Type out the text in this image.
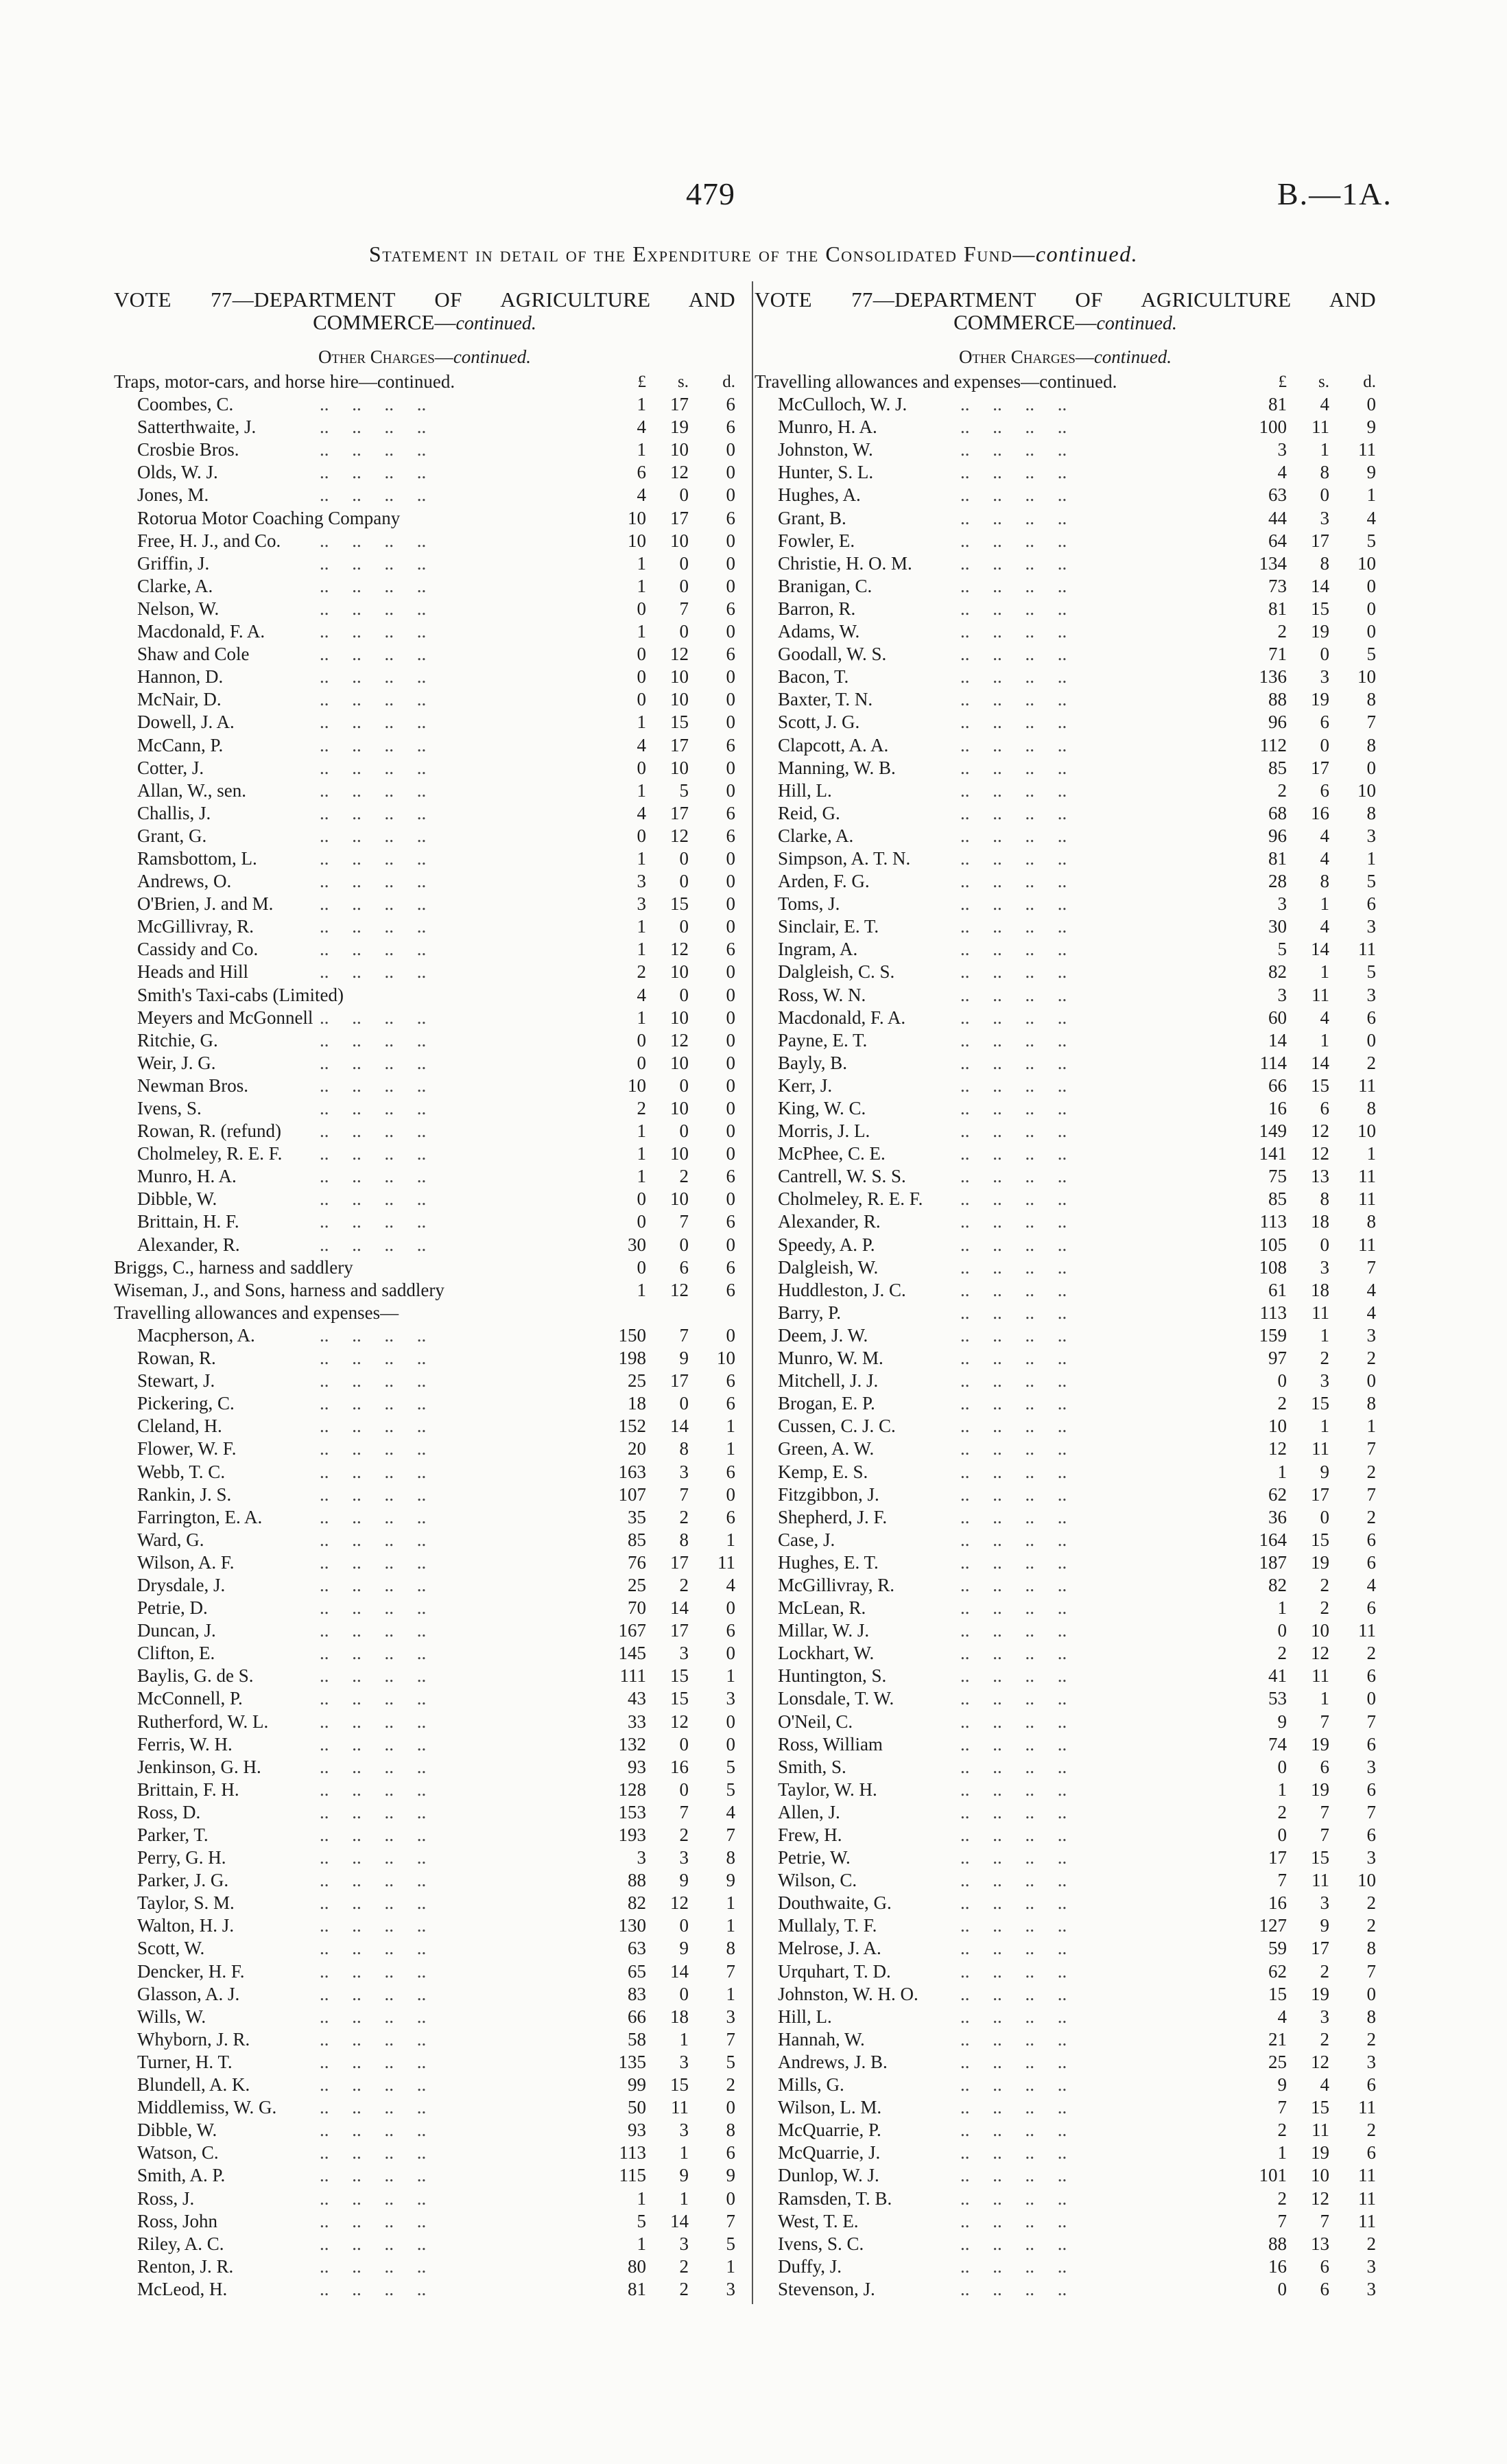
479	B.—1A.
Statement in detail of the Expenditure of the Consolidated Fund—continued.
VOTE 77—DEPARTMENT OF AGRICULTURE AND
COMMERCE—continued.
Other Charges—continued.
Traps, motor-cars, and horse hire—continued.	£	s.	d.
Coombes, C.	1	17	6
..     ..     ..     ..
Satterthwaite, J.	4	19	6
..     ..     ..     ..
Crosbie Bros.	1	10	0
..     ..     ..     ..
Olds, W. J.	6	12	0
..     ..     ..     ..
Jones, M.	4	0	0
..     ..     ..     ..
Rotorua Motor Coaching Company	10	17	6
Free, H. J., and Co.	10	10	0
..     ..     ..     ..
Griffin, J.	1	0	0
..     ..     ..     ..
Clarke, A.	1	0	0
..     ..     ..     ..
Nelson, W.	0	7	6
..     ..     ..     ..
Macdonald, F. A.	1	0	0
..     ..     ..     ..
Shaw and Cole	0	12	6
..     ..     ..     ..
Hannon, D.	0	10	0
..     ..     ..     ..
McNair, D.	0	10	0
..     ..     ..     ..
Dowell, J. A.	1	15	0
..     ..     ..     ..
McCann, P.	4	17	6
..     ..     ..     ..
Cotter, J.	0	10	0
..     ..     ..     ..
Allan, W., sen.	1	5	0
..     ..     ..     ..
Challis, J.	4	17	6
..     ..     ..     ..
Grant, G.	0	12	6
..     ..     ..     ..
Ramsbottom, L.	1	0	0
..     ..     ..     ..
Andrews, O.	3	0	0
..     ..     ..     ..
O'Brien, J. and M.	3	15	0
..     ..     ..     ..
McGillivray, R.	1	0	0
..     ..     ..     ..
Cassidy and Co.	1	12	6
..     ..     ..     ..
Heads and Hill	2	10	0
..     ..     ..     ..
Smith's Taxi-cabs (Limited)	4	0	0
Meyers and McGonnell	1	10	0
..     ..     ..     ..
Ritchie, G.	0	12	0
..     ..     ..     ..
Weir, J. G.	0	10	0
..     ..     ..     ..
Newman Bros.	10	0	0
..     ..     ..     ..
Ivens, S.	2	10	0
..     ..     ..     ..
Rowan, R. (refund)	1	0	0
..     ..     ..     ..
Cholmeley, R. E. F.	1	10	0
..     ..     ..     ..
Munro, H. A.	1	2	6
..     ..     ..     ..
Dibble, W.	0	10	0
..     ..     ..     ..
Brittain, H. F.	0	7	6
..     ..     ..     ..
Alexander, R.	30	0	0
..     ..     ..     ..
Briggs, C., harness and saddlery	0	6	6
Wiseman, J., and Sons, harness and saddlery	1	12	6
Travelling allowances and expenses—
Macpherson, A.	150	7	0
..     ..     ..     ..
Rowan, R.	198	9	10
..     ..     ..     ..
Stewart, J.	25	17	6
..     ..     ..     ..
Pickering, C.	18	0	6
..     ..     ..     ..
Cleland, H.	152	14	1
..     ..     ..     ..
Flower, W. F.	20	8	1
..     ..     ..     ..
Webb, T. C.	163	3	6
..     ..     ..     ..
Rankin, J. S.	107	7	0
..     ..     ..     ..
Farrington, E. A.	35	2	6
..     ..     ..     ..
Ward, G.	85	8	1
..     ..     ..     ..
Wilson, A. F.	76	17	11
..     ..     ..     ..
Drysdale, J.	25	2	4
..     ..     ..     ..
Petrie, D.	70	14	0
..     ..     ..     ..
Duncan, J.	167	17	6
..     ..     ..     ..
Clifton, E.	145	3	0
..     ..     ..     ..
Baylis, G. de S.	111	15	1
..     ..     ..     ..
McConnell, P.	43	15	3
..     ..     ..     ..
Rutherford, W. L.	33	12	0
..     ..     ..     ..
Ferris, W. H.	132	0	0
..     ..     ..     ..
Jenkinson, G. H.	93	16	5
..     ..     ..     ..
Brittain, F. H.	128	0	5
..     ..     ..     ..
Ross, D.	153	7	4
..     ..     ..     ..
Parker, T.	193	2	7
..     ..     ..     ..
Perry, G. H.	3	3	8
..     ..     ..     ..
Parker, J. G.	88	9	9
..     ..     ..     ..
Taylor, S. M.	82	12	1
..     ..     ..     ..
Walton, H. J.	130	0	1
..     ..     ..     ..
Scott, W.	63	9	8
..     ..     ..     ..
Dencker, H. F.	65	14	7
..     ..     ..     ..
Glasson, A. J.	83	0	1
..     ..     ..     ..
Wills, W.	66	18	3
..     ..     ..     ..
Whyborn, J. R.	58	1	7
..     ..     ..     ..
Turner, H. T.	135	3	5
..     ..     ..     ..
Blundell, A. K.	99	15	2
..     ..     ..     ..
Middlemiss, W. G.	50	11	0
..     ..     ..     ..
Dibble, W.	93	3	8
..     ..     ..     ..
Watson, C.	113	1	6
..     ..     ..     ..
Smith, A. P.	115	9	9
..     ..     ..     ..
Ross, J.	1	1	0
..     ..     ..     ..
Ross, John	5	14	7
..     ..     ..     ..
Riley, A. C.	1	3	5
..     ..     ..     ..
Renton, J. R.	80	2	1
..     ..     ..     ..
McLeod, H.	81	2	3
..     ..     ..     ..
VOTE 77—DEPARTMENT OF AGRICULTURE AND
COMMERCE—continued.
Other Charges—continued.
Travelling allowances and expenses—continued.	£	s.	d.
McCulloch, W. J.	81	4	0
..     ..     ..     ..
Munro, H. A.	100	11	9
..     ..     ..     ..
Johnston, W.	3	1	11
..     ..     ..     ..
Hunter, S. L.	4	8	9
..     ..     ..     ..
Hughes, A.	63	0	1
..     ..     ..     ..
Grant, B.	44	3	4
..     ..     ..     ..
Fowler, E.	64	17	5
..     ..     ..     ..
Christie, H. O. M.	134	8	10
..     ..     ..     ..
Branigan, C.	73	14	0
..     ..     ..     ..
Barron, R.	81	15	0
..     ..     ..     ..
Adams, W.	2	19	0
..     ..     ..     ..
Goodall, W. S.	71	0	5
..     ..     ..     ..
Bacon, T.	136	3	10
..     ..     ..     ..
Baxter, T. N.	88	19	8
..     ..     ..     ..
Scott, J. G.	96	6	7
..     ..     ..     ..
Clapcott, A. A.	112	0	8
..     ..     ..     ..
Manning, W. B.	85	17	0
..     ..     ..     ..
Hill, L.	2	6	10
..     ..     ..     ..
Reid, G.	68	16	8
..     ..     ..     ..
Clarke, A.	96	4	3
..     ..     ..     ..
Simpson, A. T. N.	81	4	1
..     ..     ..     ..
Arden, F. G.	28	8	5
..     ..     ..     ..
Toms, J.	3	1	6
..     ..     ..     ..
Sinclair, E. T.	30	4	3
..     ..     ..     ..
Ingram, A.	5	14	11
..     ..     ..     ..
Dalgleish, C. S.	82	1	5
..     ..     ..     ..
Ross, W. N.	3	11	3
..     ..     ..     ..
Macdonald, F. A.	60	4	6
..     ..     ..     ..
Payne, E. T.	14	1	0
..     ..     ..     ..
Bayly, B.	114	14	2
..     ..     ..     ..
Kerr, J.	66	15	11
..     ..     ..     ..
King, W. C.	16	6	8
..     ..     ..     ..
Morris, J. L.	149	12	10
..     ..     ..     ..
McPhee, C. E.	141	12	1
..     ..     ..     ..
Cantrell, W. S. S.	75	13	11
..     ..     ..     ..
Cholmeley, R. E. F.	85	8	11
..     ..     ..     ..
Alexander, R.	113	18	8
..     ..     ..     ..
Speedy, A. P.	105	0	11
..     ..     ..     ..
Dalgleish, W.	108	3	7
..     ..     ..     ..
Huddleston, J. C.	61	18	4
..     ..     ..     ..
Barry, P.	113	11	4
..     ..     ..     ..
Deem, J. W.	159	1	3
..     ..     ..     ..
Munro, W. M.	97	2	2
..     ..     ..     ..
Mitchell, J. J.	0	3	0
..     ..     ..     ..
Brogan, E. P.	2	15	8
..     ..     ..     ..
Cussen, C. J. C.	10	1	1
..     ..     ..     ..
Green, A. W.	12	11	7
..     ..     ..     ..
Kemp, E. S.	1	9	2
..     ..     ..     ..
Fitzgibbon, J.	62	17	7
..     ..     ..     ..
Shepherd, J. F.	36	0	2
..     ..     ..     ..
Case, J.	164	15	6
..     ..     ..     ..
Hughes, E. T.	187	19	6
..     ..     ..     ..
McGillivray, R.	82	2	4
..     ..     ..     ..
McLean, R.	1	2	6
..     ..     ..     ..
Millar, W. J.	0	10	11
..     ..     ..     ..
Lockhart, W.	2	12	2
..     ..     ..     ..
Huntington, S.	41	11	6
..     ..     ..     ..
Lonsdale, T. W.	53	1	0
..     ..     ..     ..
O'Neil, C.	9	7	7
..     ..     ..     ..
Ross, William	74	19	6
..     ..     ..     ..
Smith, S.	0	6	3
..     ..     ..     ..
Taylor, W. H.	1	19	6
..     ..     ..     ..
Allen, J.	2	7	7
..     ..     ..     ..
Frew, H.	0	7	6
..     ..     ..     ..
Petrie, W.	17	15	3
..     ..     ..     ..
Wilson, C.	7	11	10
..     ..     ..     ..
Douthwaite, G.	16	3	2
..     ..     ..     ..
Mullaly, T. F.	127	9	2
..     ..     ..     ..
Melrose, J. A.	59	17	8
..     ..     ..     ..
Urquhart, T. D.	62	2	7
..     ..     ..     ..
Johnston, W. H. O.	15	19	0
..     ..     ..     ..
Hill, L.	4	3	8
..     ..     ..     ..
Hannah, W.	21	2	2
..     ..     ..     ..
Andrews, J. B.	25	12	3
..     ..     ..     ..
Mills, G.	9	4	6
..     ..     ..     ..
Wilson, L. M.	7	15	11
..     ..     ..     ..
McQuarrie, P.	2	11	2
..     ..     ..     ..
McQuarrie, J.	1	19	6
..     ..     ..     ..
Dunlop, W. J.	101	10	11
..     ..     ..     ..
Ramsden, T. B.	2	12	11
..     ..     ..     ..
West, T. E.	7	7	11
..     ..     ..     ..
Ivens, S. C.	88	13	2
..     ..     ..     ..
Duffy, J.	16	6	3
..     ..     ..     ..
Stevenson, J.	0	6	3
..     ..     ..     ..
